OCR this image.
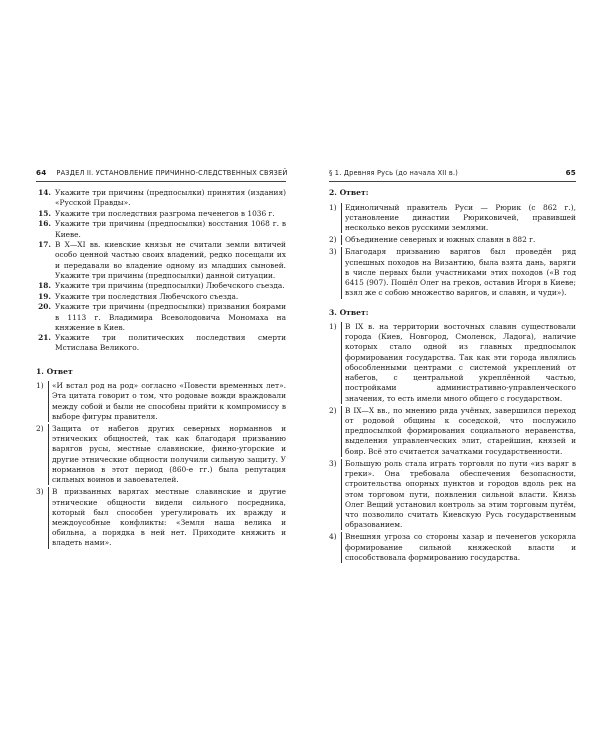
64 РАЗДЕЛ II. УСТАНОВЛЕНИЕ ПРИЧИННО-СЛЕДСТВЕННЫХ СВЯЗЕЙ
14. Укажите три причины (предпосылки) принятия (издания) «Русской Правды».
15. Укажите три последствия разгрома печенегов в 1036 г.
16. Укажите три причины (предпосылки) восстания 1068 г. в Киеве.
17. В X—XI вв. киевские князья не считали земли вятичей особо ценной частью своих владений, редко посещали их и передавали во владение одному из младших сыновей. Укажите три причины (предпосылки) данной ситуации.
18. Укажите три причины (предпосылки) Любечского съезда.
19. Укажите три последствия Любечского съезда.
20. Укажите три причины (предпосылки) призвания боярами в 1113 г. Владимира Всеволодовича Мономаха на княжение в Киев.
21. Укажите три политических последствия смерти Мстислава Великого.
1. Ответ
1)	«И встал род на род» согласно «Повести временных лет». Эта цитата говорит о том, что родовые вожди враждовали между собой и были не способны прийти к компромиссу в выборе фигуры правителя.
2)	Защита от набегов других северных норманнов и этнических общностей, так как благодаря призванию варягов русы, местные славянские, финно-угорские и другие этнические общности получили сильную защиту. У норманнов в этот период (860-е гг.) была репутация сильных воинов и завоевателей.
3)	В призванных варягах местные славянские и другие этнические общности видели сильного посредника, который был способен урегулировать их вражду и междоусобные конфликты: «Земля наша велика и обильна, а порядка в ней нет. Приходите княжить и владеть нами».
§ 1. Древняя Русь (до начала XII в.)	65
2. Ответ:
1)	Единоличный правитель Руси — Рюрик (с 862 г.), установление династии Рюриковичей, правившей несколько веков русскими землями.
2)	Объединение северных и южных славян в 882 г.
3)	Благодаря призванию варягов был проведён ряд успешных походов на Византию, была взята дань, варяги в числе первых были участниками этих походов («В год 6415 (907). Пошёл Олег на греков, оставив Игоря в Киеве; взял же с собою множество варягов, и славян, и чуди»).
3. Ответ:
1)	В IX в. на территории восточных славян существовали города (Киев, Новгород, Смоленск, Ладога), наличие которых стало одной из главных предпосылок формирования государства. Так как эти города являлись обособленными центрами с системой укреплений от набегов, с центральной укреплённой частью, постройками административно-управленческого значения, то есть имели много общего с государством.
2)	В IX—X вв., по мнению ряда учёных, завершился переход от родовой общины к соседской, что послужило предпосылкой формирования социального неравенства, выделения управленческих элит, старейшин, князей и бояр. Всё это считается зачатками государственности.
3)	Большую роль стала играть торговля по пути «из варяг в греки». Она требовала обеспечения безопасности, строительства опорных пунктов и городов вдоль рек на этом торговом пути, появления сильной власти. Князь Олег Вещий установил контроль за этим торговым путём, что позволило считать Киевскую Русь государственным образованием.
4)	Внешняя угроза со стороны хазар и печенегов ускоряла формирование сильной княжеской власти и способствовала формированию государства.
